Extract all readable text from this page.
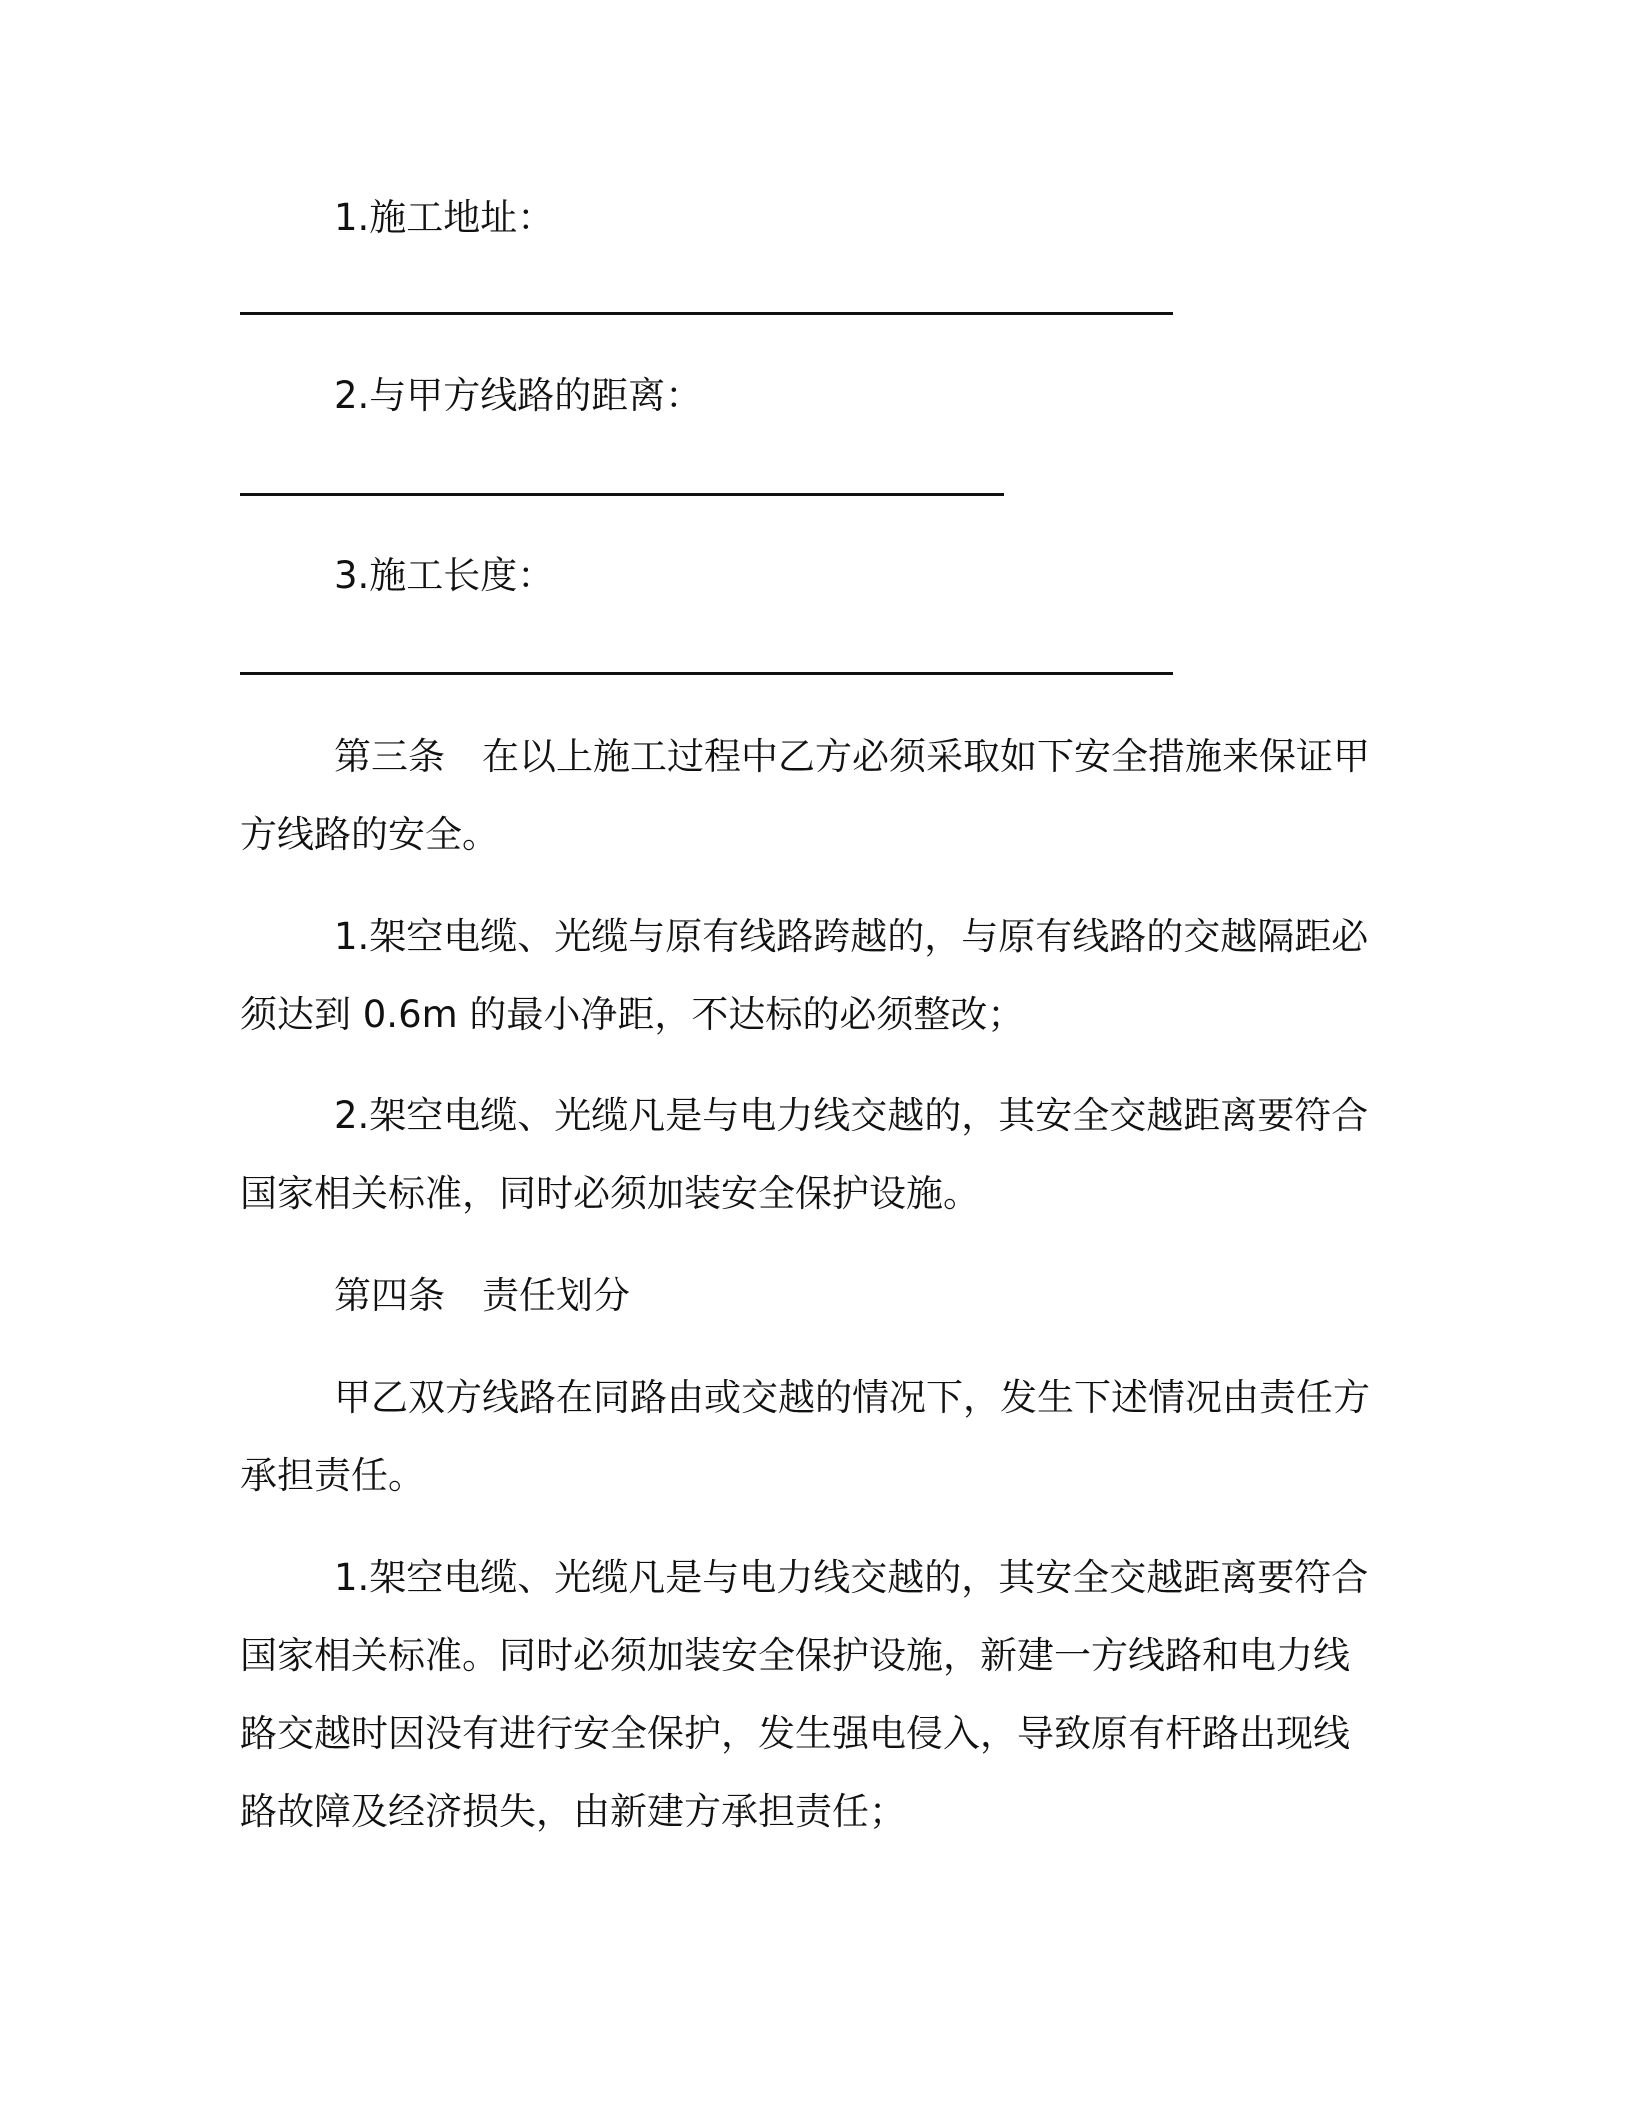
1.施工地址：
2.与甲方线路的距离：
3.施工长度：
第三条　在以上施工过程中乙方必须采取如下安全措施来保证甲
方线路的安全。
1.架空电缆、光缆与原有线路跨越的，与原有线路的交越隔距必
须达到 0.6m 的最小净距，不达标的必须整改；
2.架空电缆、光缆凡是与电力线交越的，其安全交越距离要符合
国家相关标准，同时必须加装安全保护设施。
第四条　责任划分
甲乙双方线路在同路由或交越的情况下，发生下述情况由责任方
承担责任。
1.架空电缆、光缆凡是与电力线交越的，其安全交越距离要符合
国家相关标准。同时必须加装安全保护设施，新建一方线路和电力线
路交越时因没有进行安全保护，发生强电侵入，导致原有杆路出现线
路故障及经济损失，由新建方承担责任；
